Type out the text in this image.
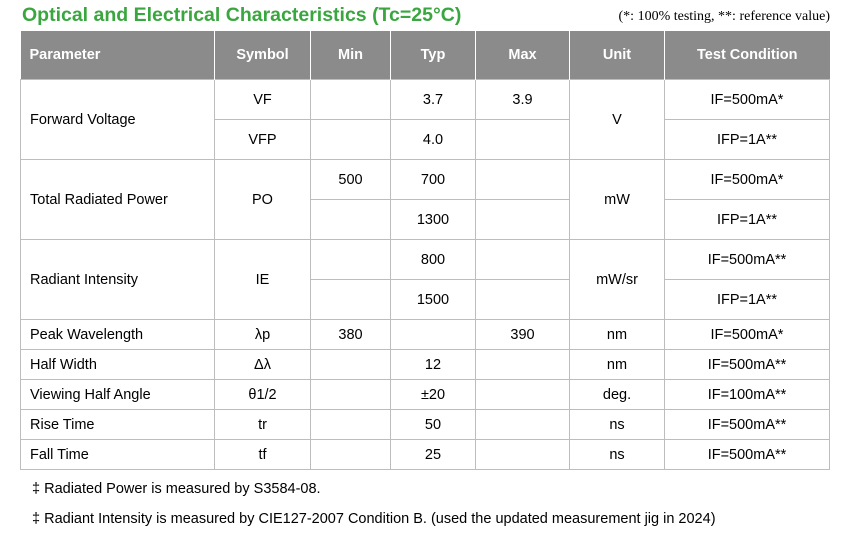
Optical and Electrical Characteristics (Tc=25°C)	(*: 100% testing, **: reference value)
Parameter	Symbol	Min	Typ	Max	Unit	Test Condition
Forward Voltage	VF		3.7	3.9	V	IF=500mA*
	VFP		4.0			IFP=1A**
Total Radiated Power	PO	500	700		mW	IF=500mA*
			1300			IFP=1A**
Radiant Intensity	IE		800		mW/sr	IF=500mA**
			1500			IFP=1A**
Peak Wavelength	λp	380		390	nm	IF=500mA*
Half Width	Δλ		12		nm	IF=500mA**
Viewing Half Angle	θ1/2		±20		deg.	IF=100mA**
Rise Time	tr		50		ns	IF=500mA**
Fall Time	tf		25		ns	IF=500mA**
‡ Radiated Power is measured by S3584-08.
‡ Radiant Intensity is measured by CIE127-2007 Condition B. (used the updated measurement jig in 2024)
